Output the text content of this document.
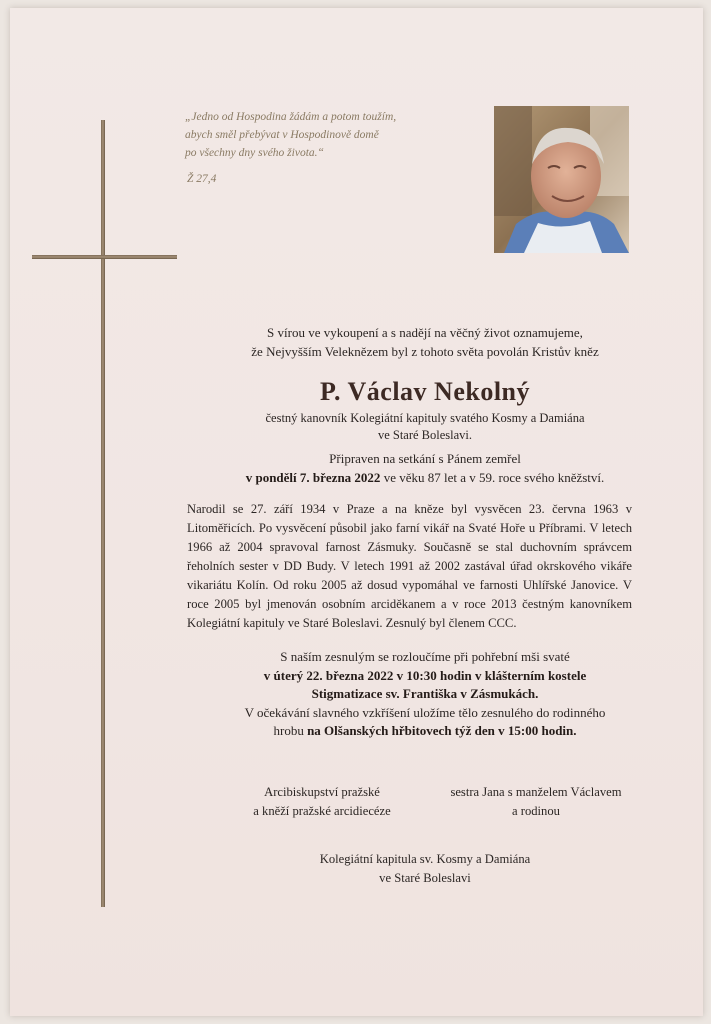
„Jedno od Hospodina žádám a potom toužím,
abych směl přebývat v Hospodinově domě
po všechny dny svého života.“
Ž 27,4
S vírou ve vykoupení a s nadějí na věčný život oznamujeme,
že Nejvyšším Veleknězem byl z tohoto světa povolán Kristův kněz
P. Václav Nekolný
čestný kanovník Kolegiátní kapituly svatého Kosmy a Damiána
ve Staré Boleslavi.
Připraven na setkání s Pánem zemřel
v pondělí 7. března 2022 ve věku 87 let a v 59. roce svého kněžství.
Narodil se 27. září 1934 v Praze a na kněze byl vysvěcen 23. června 1963 v Litoměřicích. Po vysvěcení působil jako farní vikář na Svaté Hoře u Příbrami. V letech 1966 až 2004 spravoval farnost Zásmuky. Současně se stal duchovním správcem řeholních sester v DD Budy. V letech 1991 až 2002 zastával úřad okrskového vikáře vikariátu Kolín. Od roku 2005 až dosud vypomáhal ve farnosti Uhlířské Janovice. V roce 2005 byl jmenován osobním arciděkanem a v roce 2013 čestným kanovníkem Kolegiátní kapituly ve Staré Boleslavi. Zesnulý byl členem CCC.
S naším zesnulým se rozloučíme při pohřební mši svaté
v úterý 22. března 2022 v 10:30 hodin v klášterním kostele
Stigmatizace sv. Františka v Zásmukách.
V očekávání slavného vzkříšení uložíme tělo zesnulého do rodinného
hrobu na Olšanských hřbitovech týž den v 15:00 hodin.
Arcibiskupství pražské
a kněží pražské arcidiecéze
sestra Jana s manželem Václavem
a rodinou
Kolegiátní kapitula sv. Kosmy a Damiána
ve Staré Boleslavi
